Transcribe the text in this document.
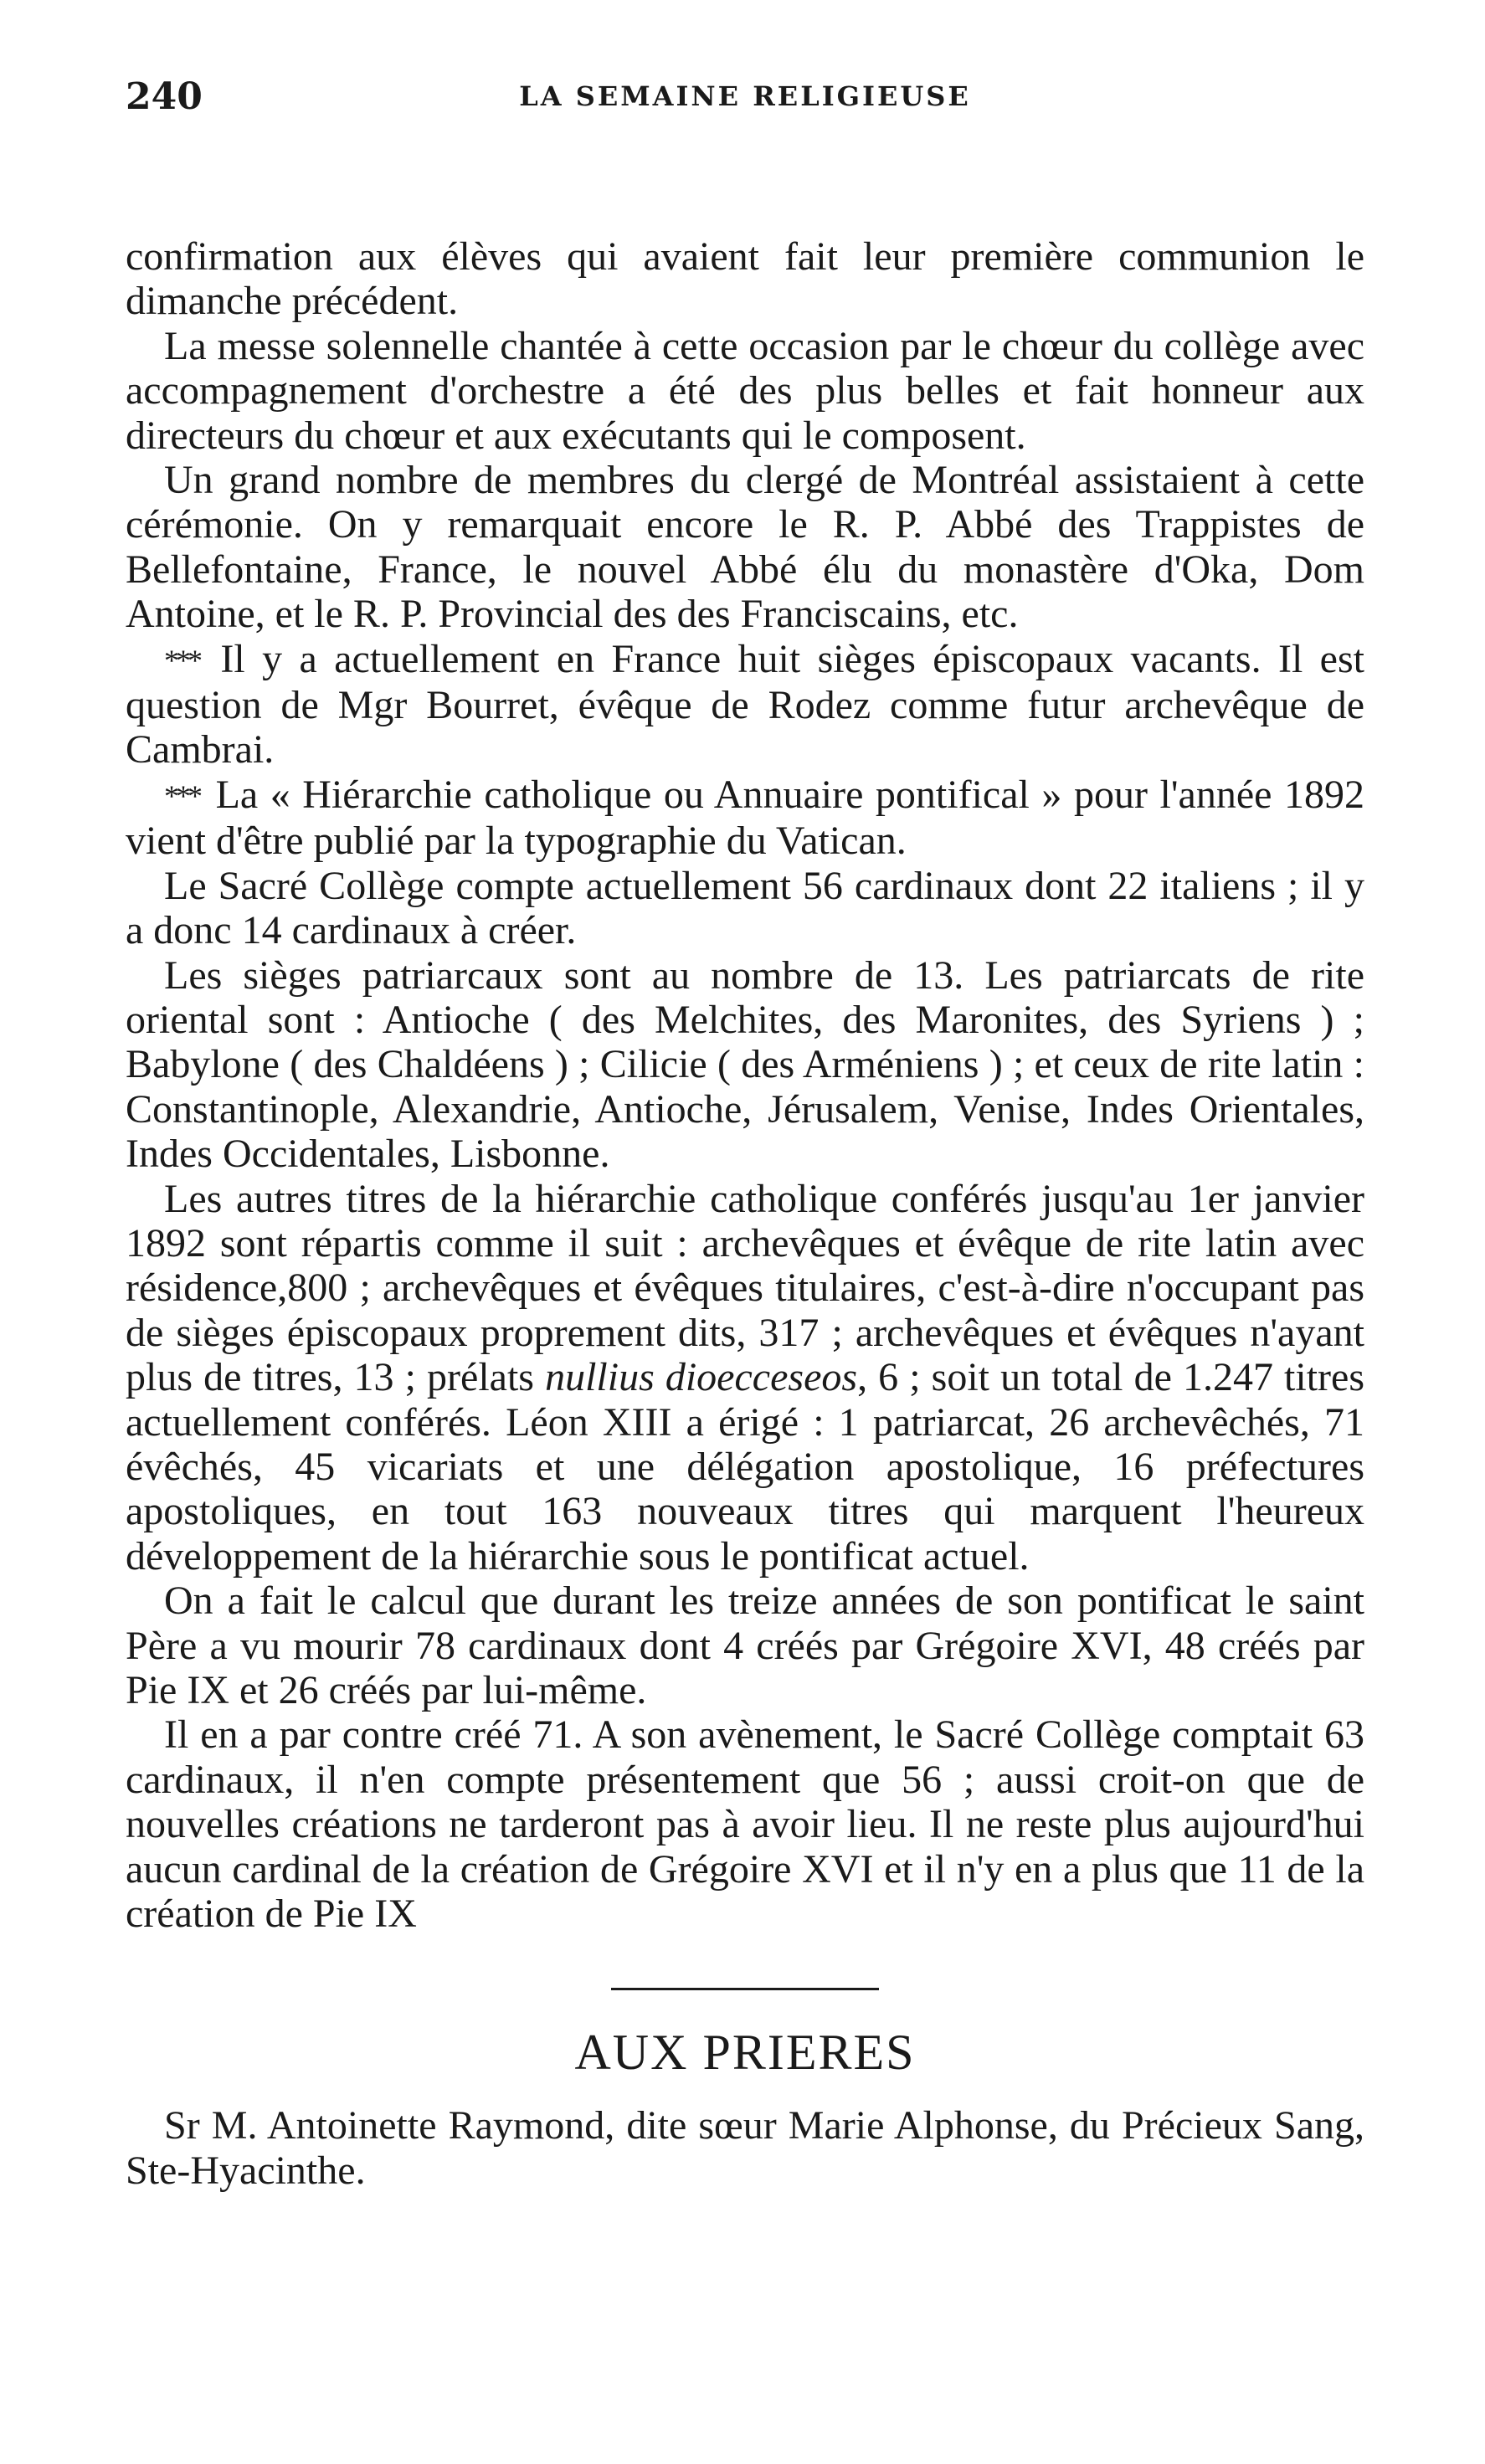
240	LA SEMAINE RELIGIEUSE

confirmation aux élèves qui avaient fait leur première communion le dimanche précédent.

La messe solennelle chantée à cette occasion par le chœur du collège avec accompagnement d'orchestre a été des plus belles et fait honneur aux directeurs du chœur et aux exécutants qui le composent.

Un grand nombre de membres du clergé de Montréal assistaient à cette cérémonie. On y remarquait encore le R. P. Abbé des Trappistes de Bellefontaine, France, le nouvel Abbé élu du monastère d'Oka, Dom Antoine, et le R. P. Provincial des des Franciscains, etc.

*** Il y a actuellement en France huit sièges épiscopaux vacants. Il est question de Mgr Bourret, évêque de Rodez comme futur archevêque de Cambrai.

*** La « Hiérarchie catholique ou Annuaire pontifical » pour l'année 1892 vient d'être publié par la typographie du Vatican.

Le Sacré Collège compte actuellement 56 cardinaux dont 22 italiens ; il y a donc 14 cardinaux à créer.

Les sièges patriarcaux sont au nombre de 13. Les patriarcats de rite oriental sont : Antioche ( des Melchites, des Maronites, des Syriens ) ; Babylone ( des Chaldéens ) ; Cilicie ( des Arméniens ) ; et ceux de rite latin : Constantinople, Alexandrie, Antioche, Jérusalem, Venise, Indes Orientales, Indes Occidentales, Lisbonne.

Les autres titres de la hiérarchie catholique conférés jusqu'au 1er janvier 1892 sont répartis comme il suit : archevêques et évêque de rite latin avec résidence,800 ; archevêques et évêques titulaires, c'est-à-dire n'occupant pas de sièges épiscopaux proprement dits, 317 ; archevêques et évêques n'ayant plus de titres, 13 ; prélats nullius dioecceseos, 6 ; soit un total de 1.247 titres actuellement conférés. Léon XIII a érigé : 1 patriarcat, 26 archevêchés, 71 évêchés, 45 vicariats et une délégation apostolique, 16 préfectures apostoliques, en tout 163 nouveaux titres qui marquent l'heureux développement de la hiérarchie sous le pontificat actuel.

On a fait le calcul que durant les treize années de son pontificat le saint Père a vu mourir 78 cardinaux dont 4 créés par Grégoire XVI, 48 créés par Pie IX et 26 créés par lui-même.

Il en a par contre créé 71. A son avènement, le Sacré Collège comptait 63 cardinaux, il n'en compte présentement que 56 ; aussi croit-on que de nouvelles créations ne tarderont pas à avoir lieu. Il ne reste plus aujourd'hui aucun cardinal de la création de Grégoire XVI et il n'y en a plus que 11 de la création de Pie IX

AUX PRIERES

Sr M. Antoinette Raymond, dite sœur Marie Alphonse, du Précieux Sang, Ste-Hyacinthe.
